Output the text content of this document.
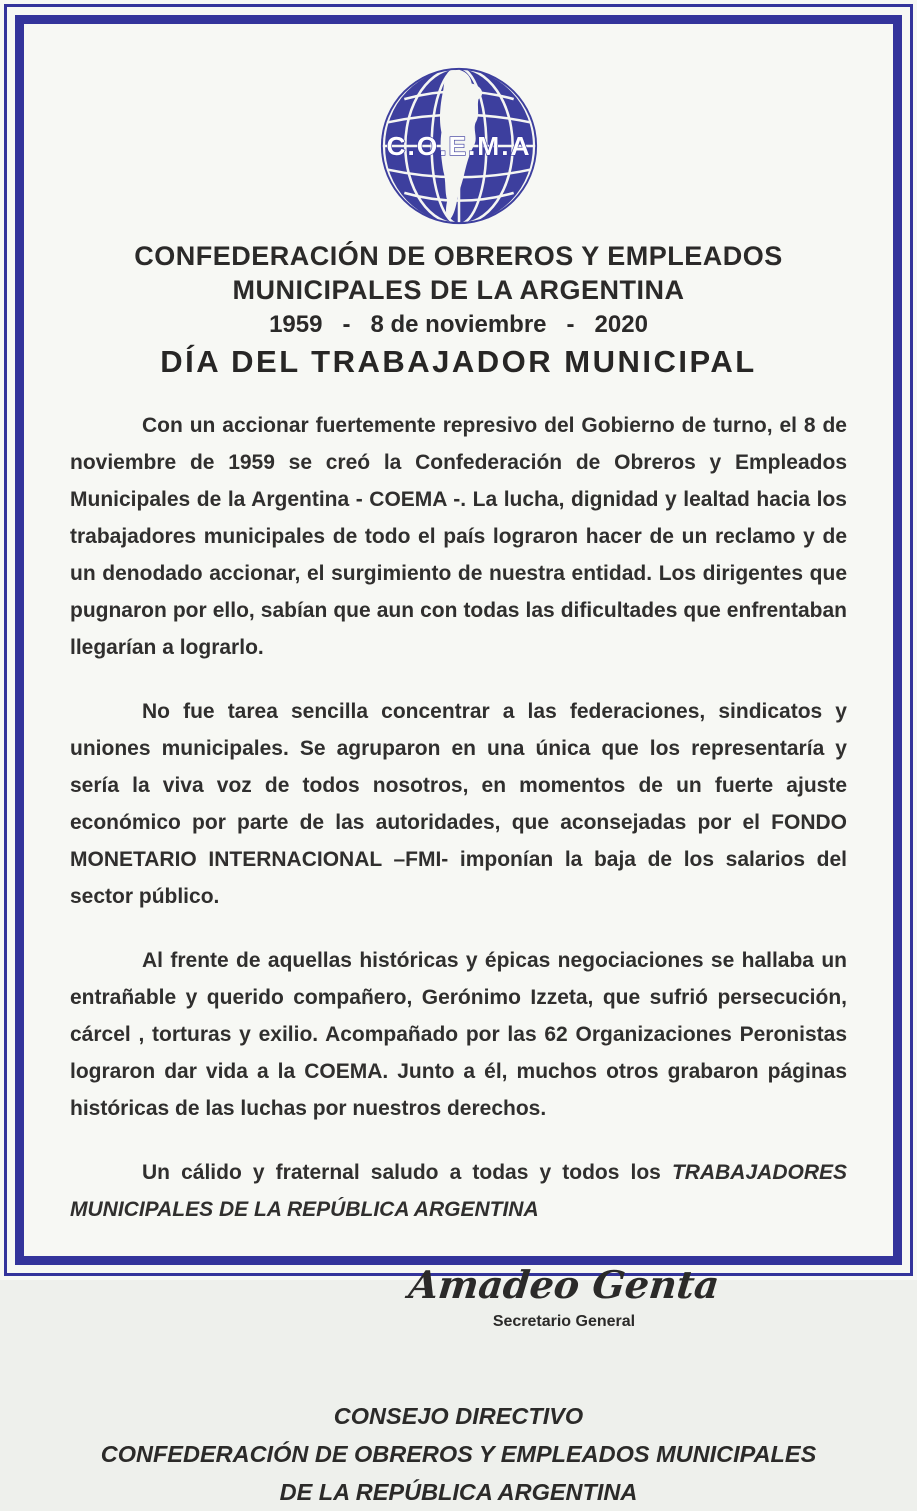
C.O.E.M.A
CONFEDERACIÓN DE OBREROS Y EMPLEADOS
MUNICIPALES DE LA ARGENTINA
1959   -   8 de noviembre   -   2020
DÍA DEL TRABAJADOR MUNICIPAL

Con un accionar fuertemente represivo del Gobierno de turno, el 8 de noviembre de 1959 se creó la Confederación de Obreros y Empleados Municipales de la Argentina - COEMA -. La lucha, dignidad y lealtad hacia los trabajadores municipales de todo el país lograron hacer de un reclamo y de un denodado accionar, el surgimiento de nuestra entidad. Los dirigentes que pugnaron por ello, sabían que aun con todas las dificultades que enfrentaban llegarían a lograrlo.

No fue tarea sencilla concentrar a las federaciones, sindicatos y uniones municipales. Se agruparon en una única que los representaría y sería la viva voz de todos nosotros, en momentos de un fuerte ajuste económico por parte de las autoridades, que aconsejadas por el FONDO MONETARIO INTERNACIONAL –FMI- imponían la baja de los salarios del sector público.

Al frente de aquellas históricas y épicas negociaciones se hallaba un entrañable y querido compañero, Gerónimo Izzeta, que sufrió persecución, cárcel , torturas y exilio. Acompañado por las 62 Organizaciones Peronistas lograron dar vida a la COEMA. Junto a él, muchos otros grabaron páginas históricas de las luchas por nuestros derechos.

Un cálido y fraternal saludo a todas y todos los TRABAJADORES MUNICIPALES DE LA REPÚBLICA ARGENTINA

Amadeo Genta
Secretario General
CONSEJO DIRECTIVO
CONFEDERACIÓN DE OBREROS Y EMPLEADOS MUNICIPALES
DE LA REPÚBLICA ARGENTINA
